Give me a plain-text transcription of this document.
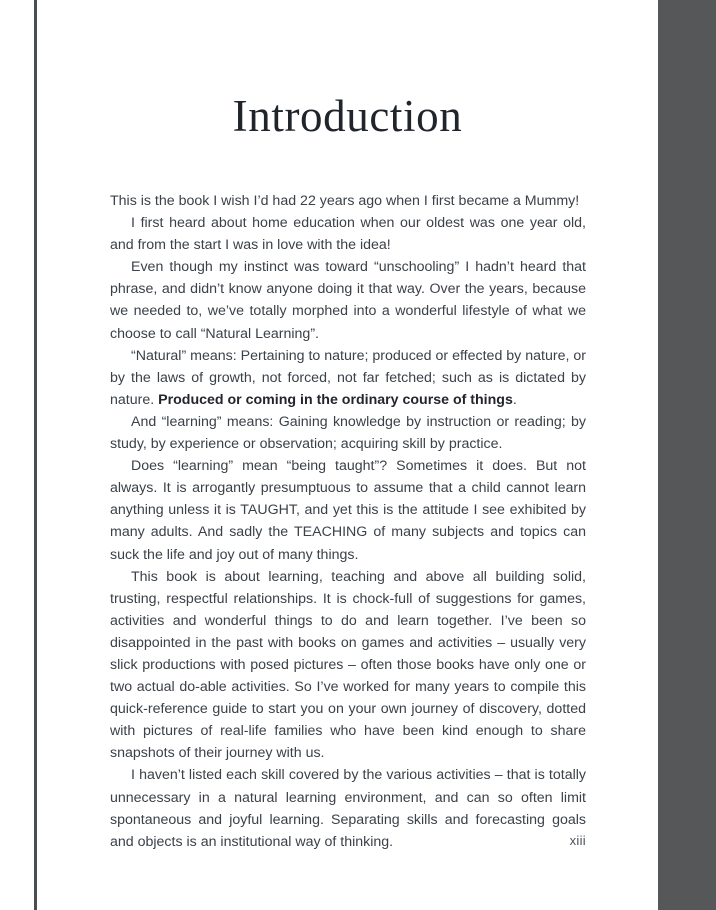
Introduction

This is the book I wish I’d had 22 years ago when I first became a Mummy!

I first heard about home education when our oldest was one year old, and from the start I was in love with the idea!

Even though my instinct was toward “unschooling” I hadn’t heard that phrase, and didn’t know anyone doing it that way. Over the years, because we needed to, we’ve totally morphed into a wonderful lifestyle of what we choose to call “Natural Learning”.

“Natural” means: Pertaining to nature; produced or effected by nature, or by the laws of growth, not forced, not far fetched; such as is dictated by nature. Produced or coming in the ordinary course of things.

And “learning” means: Gaining knowledge by instruction or reading; by study, by experience or observation; acquiring skill by practice.

Does “learning” mean “being taught”? Sometimes it does. But not always. It is arrogantly presumptuous to assume that a child cannot learn anything unless it is TAUGHT, and yet this is the attitude I see exhibited by many adults. And sadly the TEACHING of many subjects and topics can suck the life and joy out of many things.

This book is about learning, teaching and above all building solid, trusting, respectful relationships. It is chock-full of suggestions for games, activities and wonderful things to do and learn together. I’ve been so disappointed in the past with books on games and activities – usually very slick productions with posed pictures – often those books have only one or two actual do-able activities. So I’ve worked for many years to compile this quick-reference guide to start you on your own journey of discovery, dotted with pictures of real-life families who have been kind enough to share snapshots of their journey with us.

I haven’t listed each skill covered by the various activities – that is totally unnecessary in a natural learning environment, and can so often limit spontaneous and joyful learning. Separating skills and forecasting goals and objects is an institutional way of thinking.	xiii
